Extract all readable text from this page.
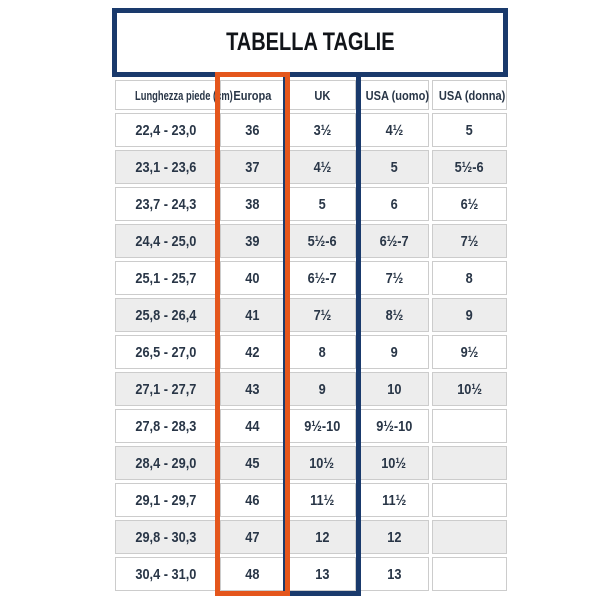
TABELLA TAGLIE
Lunghezza piede (cm)	Europa	UK	USA (uomo)	USA (donna)
22,4 - 23,0	36	3½	4½	5
23,1 - 23,6	37	4½	5	5½-6
23,7 - 24,3	38	5	6	6½
24,4 - 25,0	39	5½-6	6½-7	7½
25,1 - 25,7	40	6½-7	7½	8
25,8 - 26,4	41	7½	8½	9
26,5 - 27,0	42	8	9	9½
27,1 - 27,7	43	9	10	10½
27,8 - 28,3	44	9½-10	9½-10	
28,4 - 29,0	45	10½	10½	
29,1 - 29,7	46	11½	11½	
29,8 - 30,3	47	12	12	
30,4 - 31,0	48	13	13	
